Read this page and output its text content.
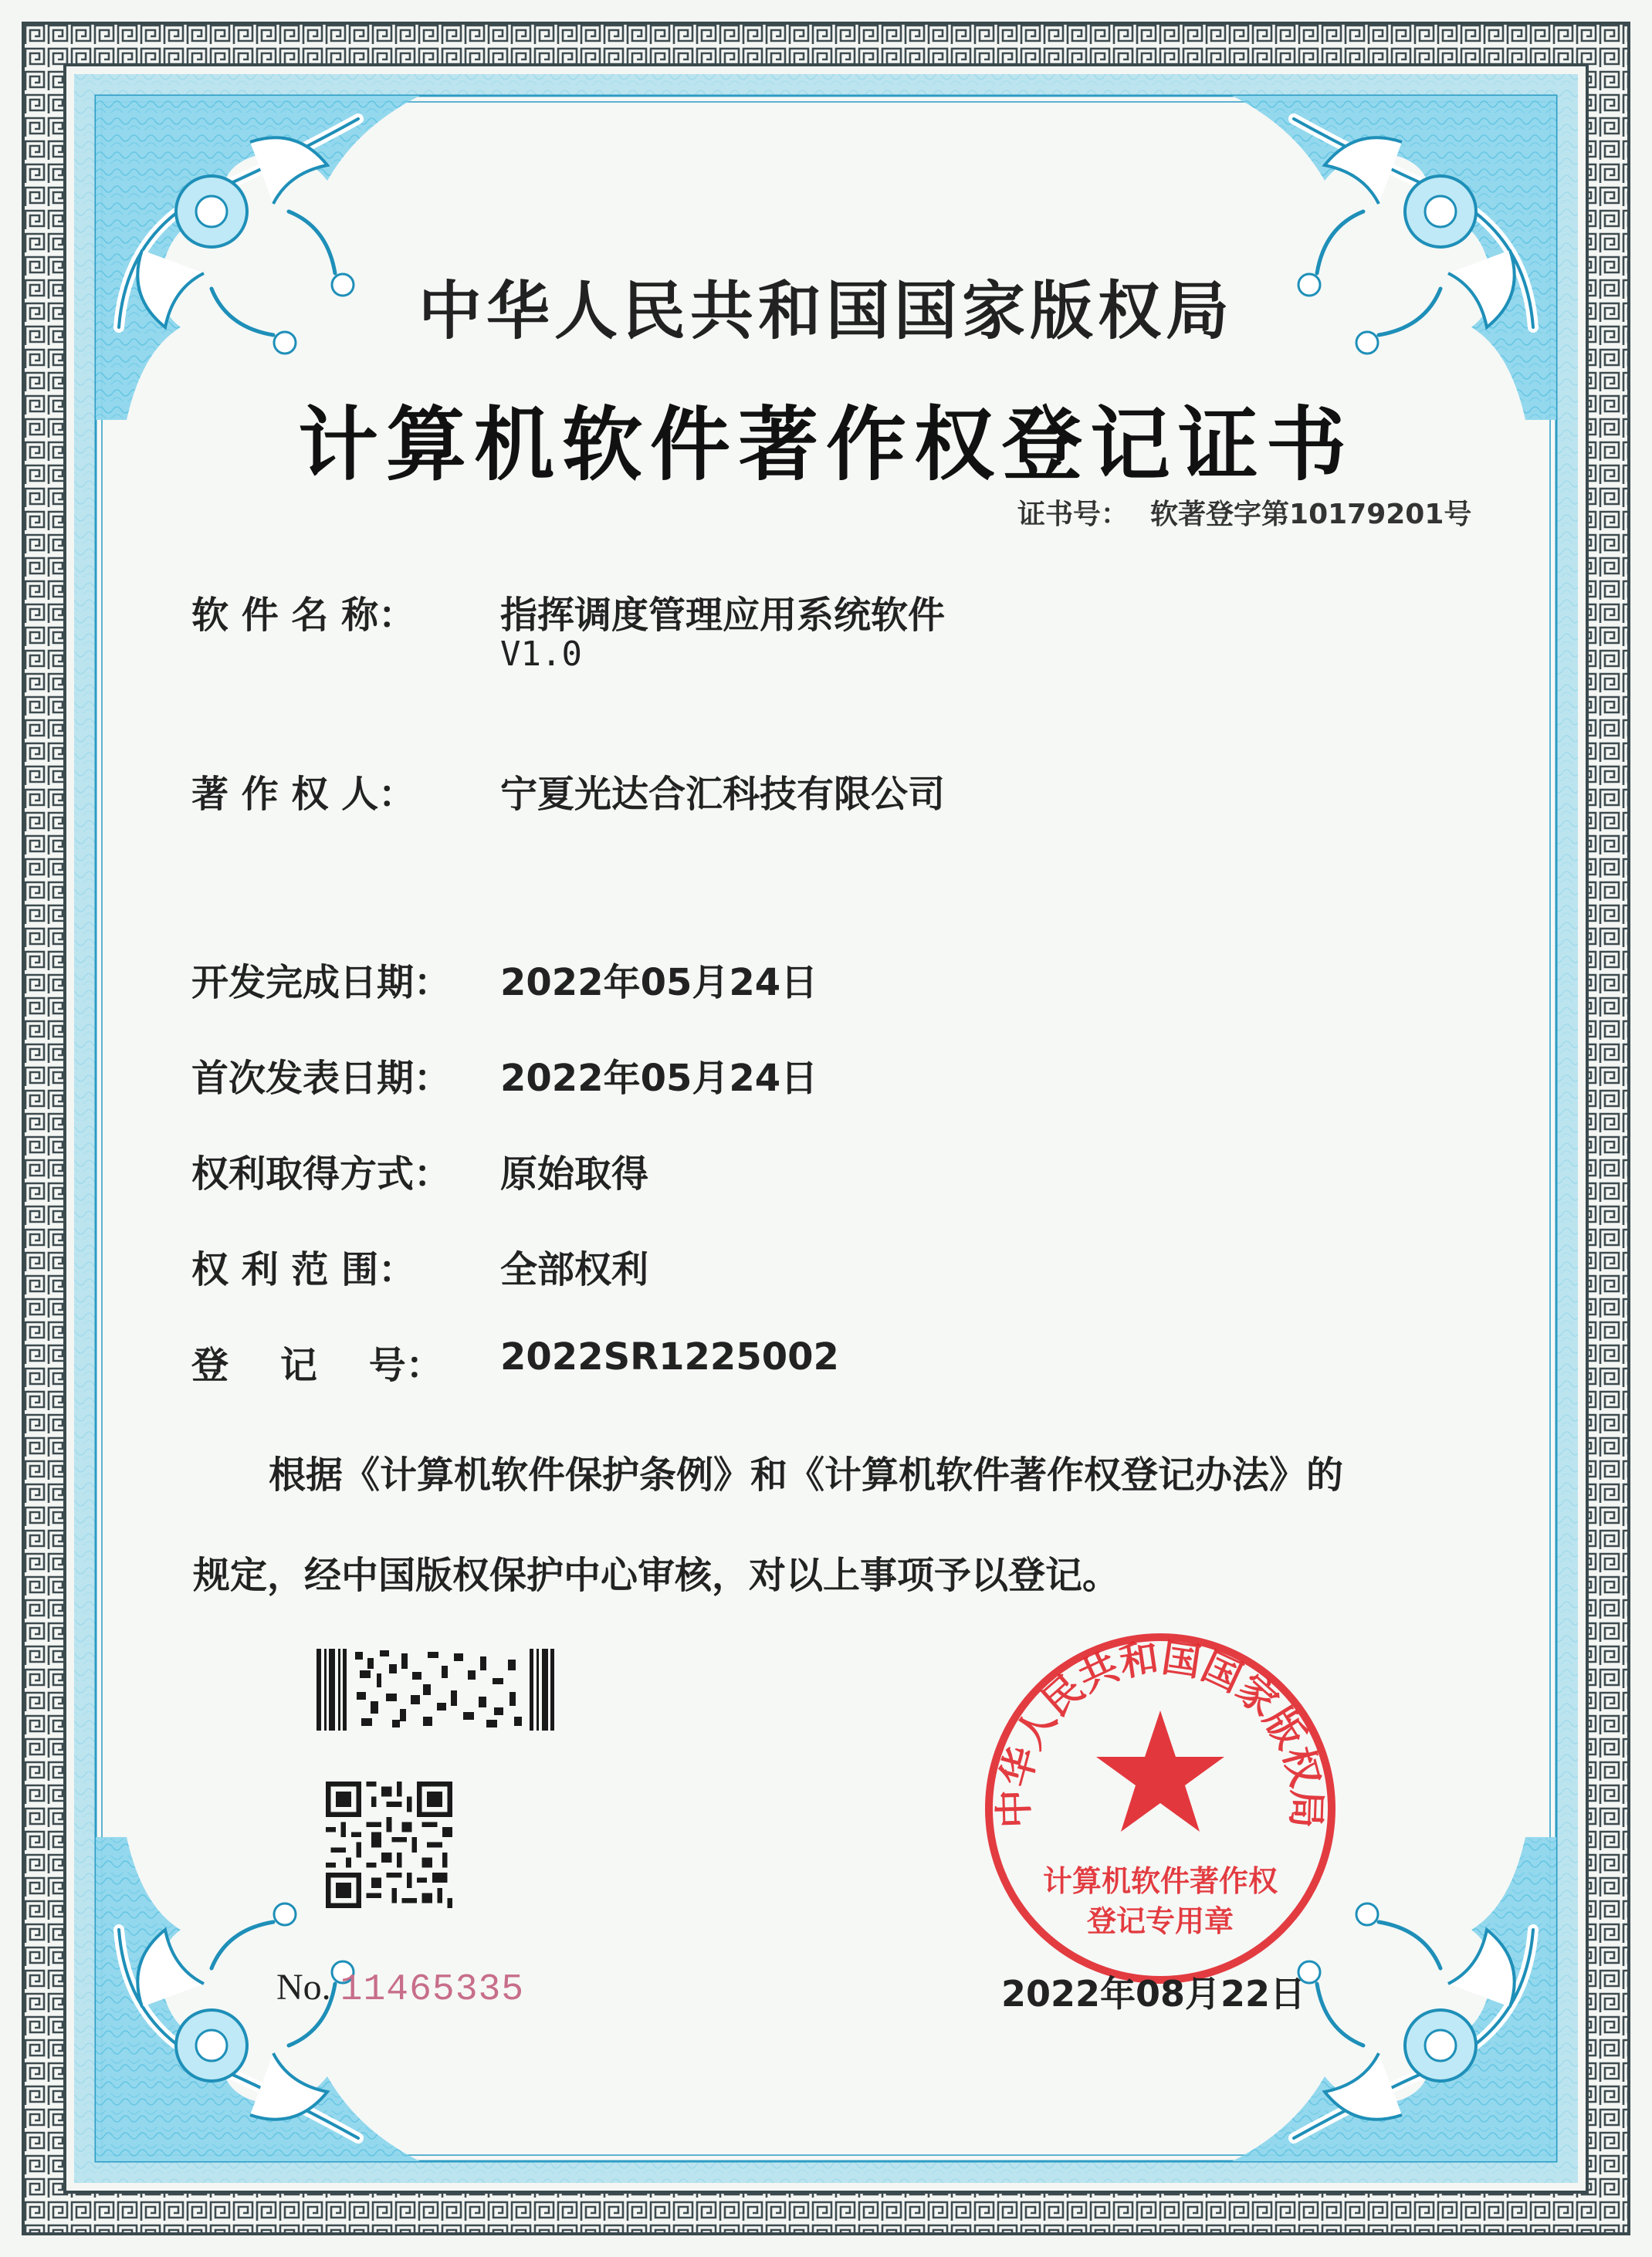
中华人民共和国国家版权局
计算机软件著作权登记证书
证书号： 软著登字第10179201号
软 件 名 称： 指挥调度管理应用系统软件
V1.0
著 作 权 人： 宁夏光达合汇科技有限公司
开发完成日期： 2022年05月24日
首次发表日期： 2022年05月24日
权利取得方式： 原始取得
权 利 范 围： 全部权利
登    记    号： 2022SR1225002
根据《计算机软件保护条例》和《计算机软件著作权登记办法》的
规定，经中国版权保护中心审核，对以上事项予以登记。
中华人民共和国国家版权局
计算机软件著作权
登记专用章
No. 11465335	2022年08月22日
